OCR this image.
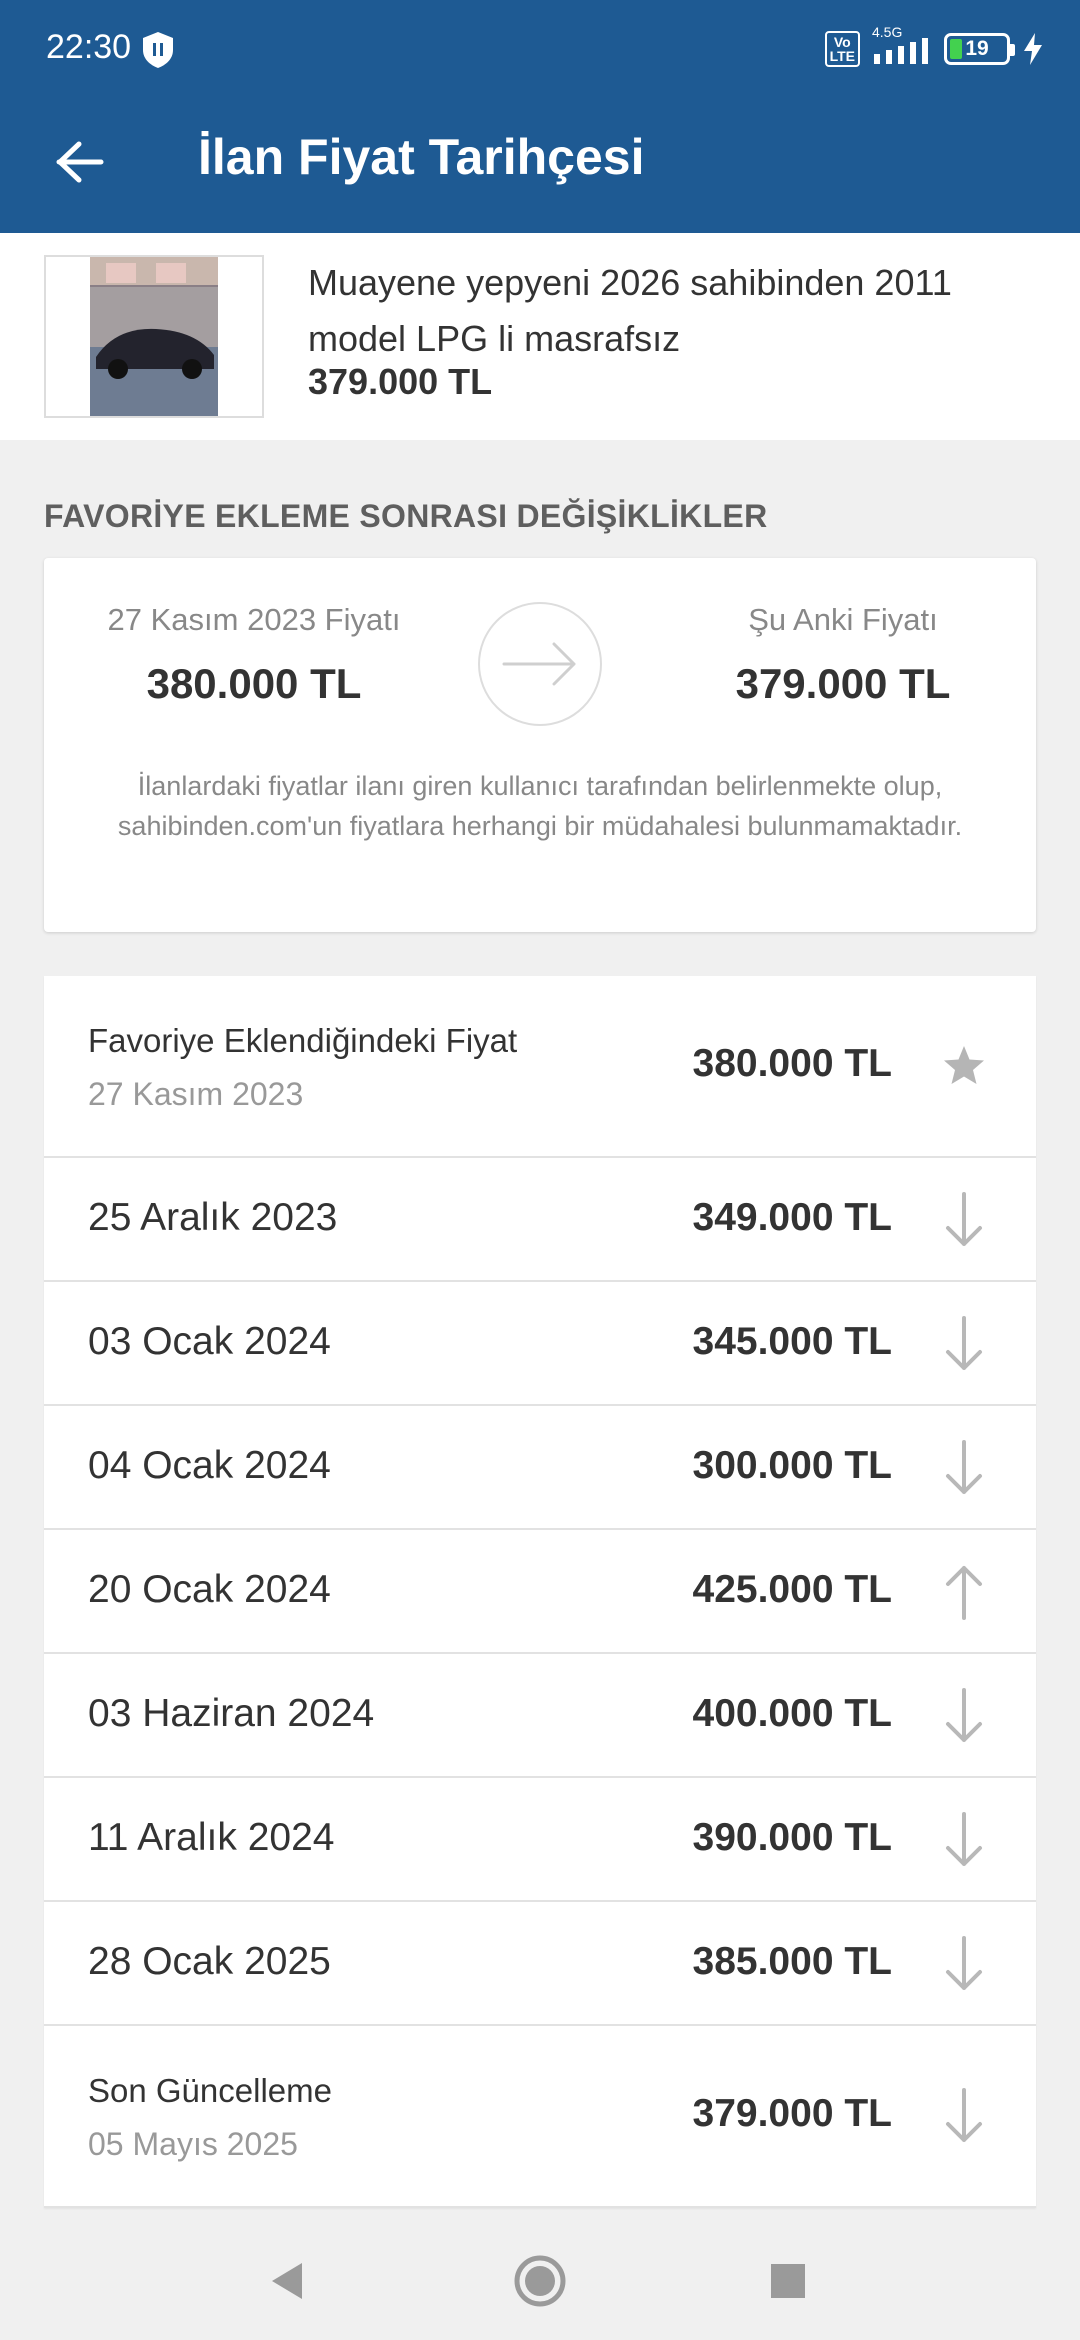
22:30	Vo
LTE
4.5G
19
İlan Fiyat Tarihçesi
Muayene yepyeni 2026 sahibinden 2011 model LPG li masrafsız
379.000 TL
FAVORİYE EKLEME SONRASI DEĞİŞİKLİKLER
27 Kasım 2023 Fiyatı
380.000 TL
Şu Anki Fiyatı
379.000 TL
İlanlardaki fiyatlar ilanı giren kullanıcı tarafından belirlenmekte olup, sahibinden.com'un fiyatlara herhangi bir müdahalesi bulunmamaktadır.
Favoriye Eklendiğindeki Fiyat
27 Kasım 2023
380.000 TL
25 Aralık 2023	349.000 TL
03 Ocak 2024	345.000 TL
04 Ocak 2024	300.000 TL
20 Ocak 2024	425.000 TL
03 Haziran 2024	400.000 TL
11 Aralık 2024	390.000 TL
28 Ocak 2025	385.000 TL
Son Güncelleme
05 Mayıs 2025
379.000 TL
